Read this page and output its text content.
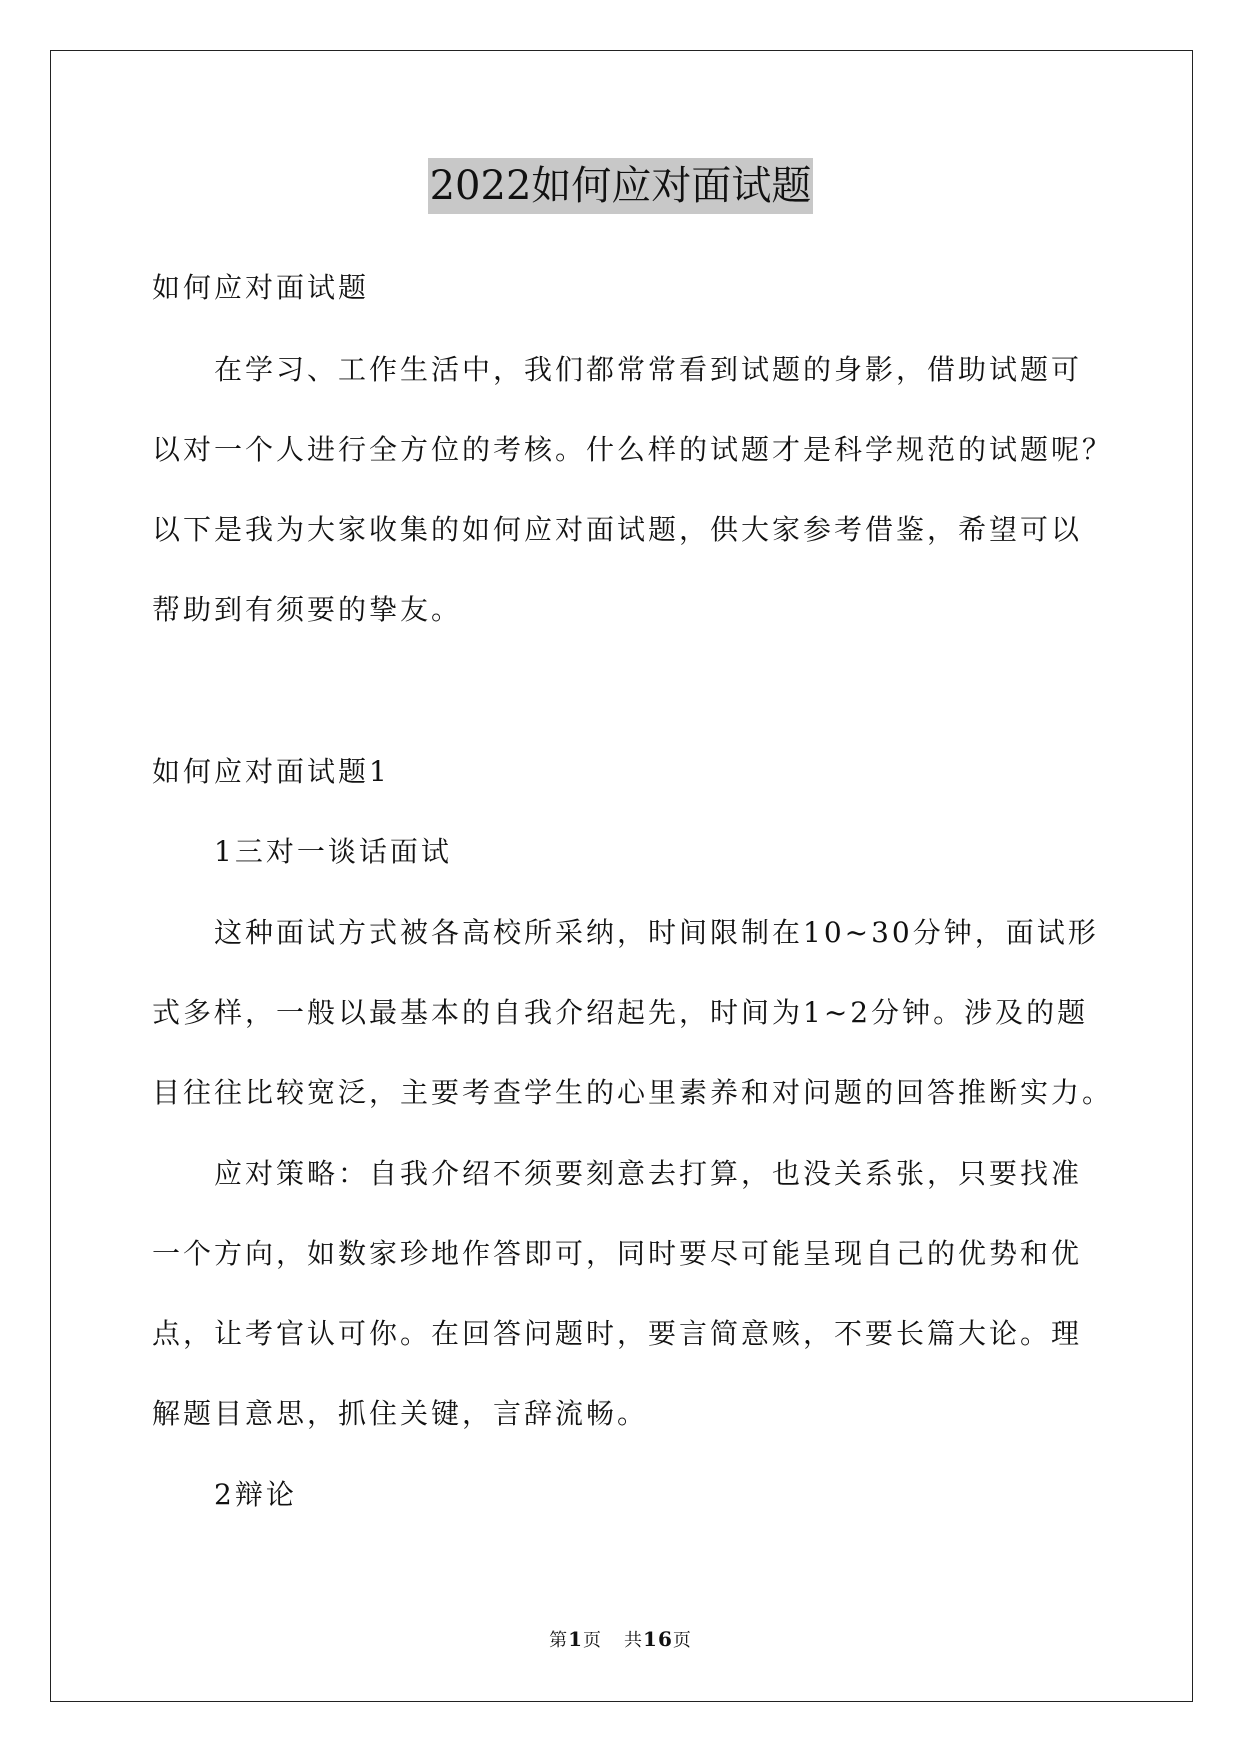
2022如何应对面试题

如何应对面试题

在学习、工作生活中，我们都常常看到试题的身影，借助试题可

以对一个人进行全方位的考核。什么样的试题才是科学规范的试题呢？

以下是我为大家收集的如何应对面试题，供大家参考借鉴，希望可以

帮助到有须要的挚友。

如何应对面试题1

1三对一谈话面试

这种面试方式被各高校所采纳，时间限制在10~30分钟，面试形

式多样，一般以最基本的自我介绍起先，时间为1~2分钟。涉及的题

目往往比较宽泛，主要考查学生的心里素养和对问题的回答推断实力。

应对策略：自我介绍不须要刻意去打算，也没关系张，只要找准

一个方向，如数家珍地作答即可，同时要尽可能呈现自己的优势和优

点，让考官认可你。在回答问题时，要言简意赅，不要长篇大论。理

解题目意思，抓住关键，言辞流畅。

2辩论

第1页 共16页
